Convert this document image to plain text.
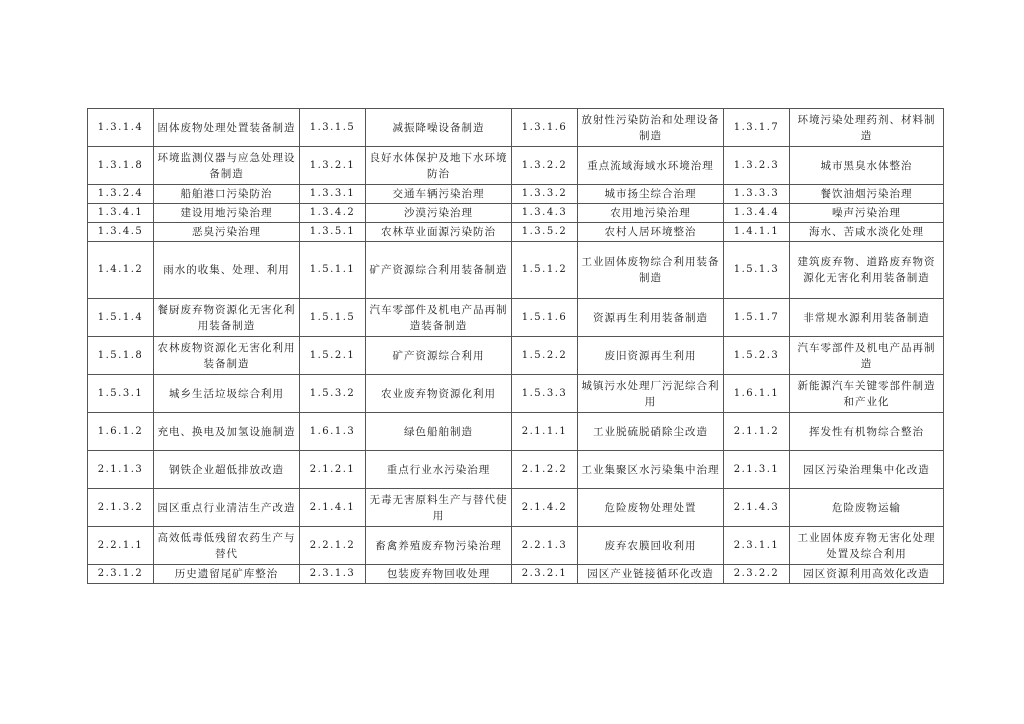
1.3.1.4	固体废物处理处置装备制造	1.3.1.5	减振降噪设备制造	1.3.1.6	放射性污染防治和处理设备制造	1.3.1.7	环境污染处理药剂、材料制造
1.3.1.8	环境监测仪器与应急处理设备制造	1.3.2.1	良好水体保护及地下水环境防治	1.3.2.2	重点流域海域水环境治理	1.3.2.3	城市黑臭水体整治
1.3.2.4	船舶港口污染防治	1.3.3.1	交通车辆污染治理	1.3.3.2	城市扬尘综合治理	1.3.3.3	餐饮油烟污染治理
1.3.4.1	建设用地污染治理	1.3.4.2	沙漠污染治理	1.3.4.3	农用地污染治理	1.3.4.4	噪声污染治理
1.3.4.5	恶臭污染治理	1.3.5.1	农林草业面源污染防治	1.3.5.2	农村人居环境整治	1.4.1.1	海水、苦咸水淡化处理
1.4.1.2	雨水的收集、处理、利用	1.5.1.1	矿产资源综合利用装备制造	1.5.1.2	工业固体废物综合利用装备制造	1.5.1.3	建筑废弃物、道路废弃物资源化无害化利用装备制造
1.5.1.4	餐厨废弃物资源化无害化利用装备制造	1.5.1.5	汽车零部件及机电产品再制造装备制造	1.5.1.6	资源再生利用装备制造	1.5.1.7	非常规水源利用装备制造
1.5.1.8	农林废物资源化无害化利用装备制造	1.5.2.1	矿产资源综合利用	1.5.2.2	废旧资源再生利用	1.5.2.3	汽车零部件及机电产品再制造
1.5.3.1	城乡生活垃圾综合利用	1.5.3.2	农业废弃物资源化利用	1.5.3.3	城镇污水处理厂污泥综合利用	1.6.1.1	新能源汽车关键零部件制造和产业化
1.6.1.2	充电、换电及加氢设施制造	1.6.1.3	绿色船舶制造	2.1.1.1	工业脱硫脱硝除尘改造	2.1.1.2	挥发性有机物综合整治
2.1.1.3	钢铁企业超低排放改造	2.1.2.1	重点行业水污染治理	2.1.2.2	工业集聚区水污染集中治理	2.1.3.1	园区污染治理集中化改造
2.1.3.2	园区重点行业清洁生产改造	2.1.4.1	无毒无害原料生产与替代使用	2.1.4.2	危险废物处理处置	2.1.4.3	危险废物运输
2.2.1.1	高效低毒低残留农药生产与替代	2.2.1.2	畜禽养殖废弃物污染治理	2.2.1.3	废弃农膜回收利用	2.3.1.1	工业固体废弃物无害化处理处置及综合利用
2.3.1.2	历史遗留尾矿库整治	2.3.1.3	包装废弃物回收处理	2.3.2.1	园区产业链接循环化改造	2.3.2.2	园区资源利用高效化改造
